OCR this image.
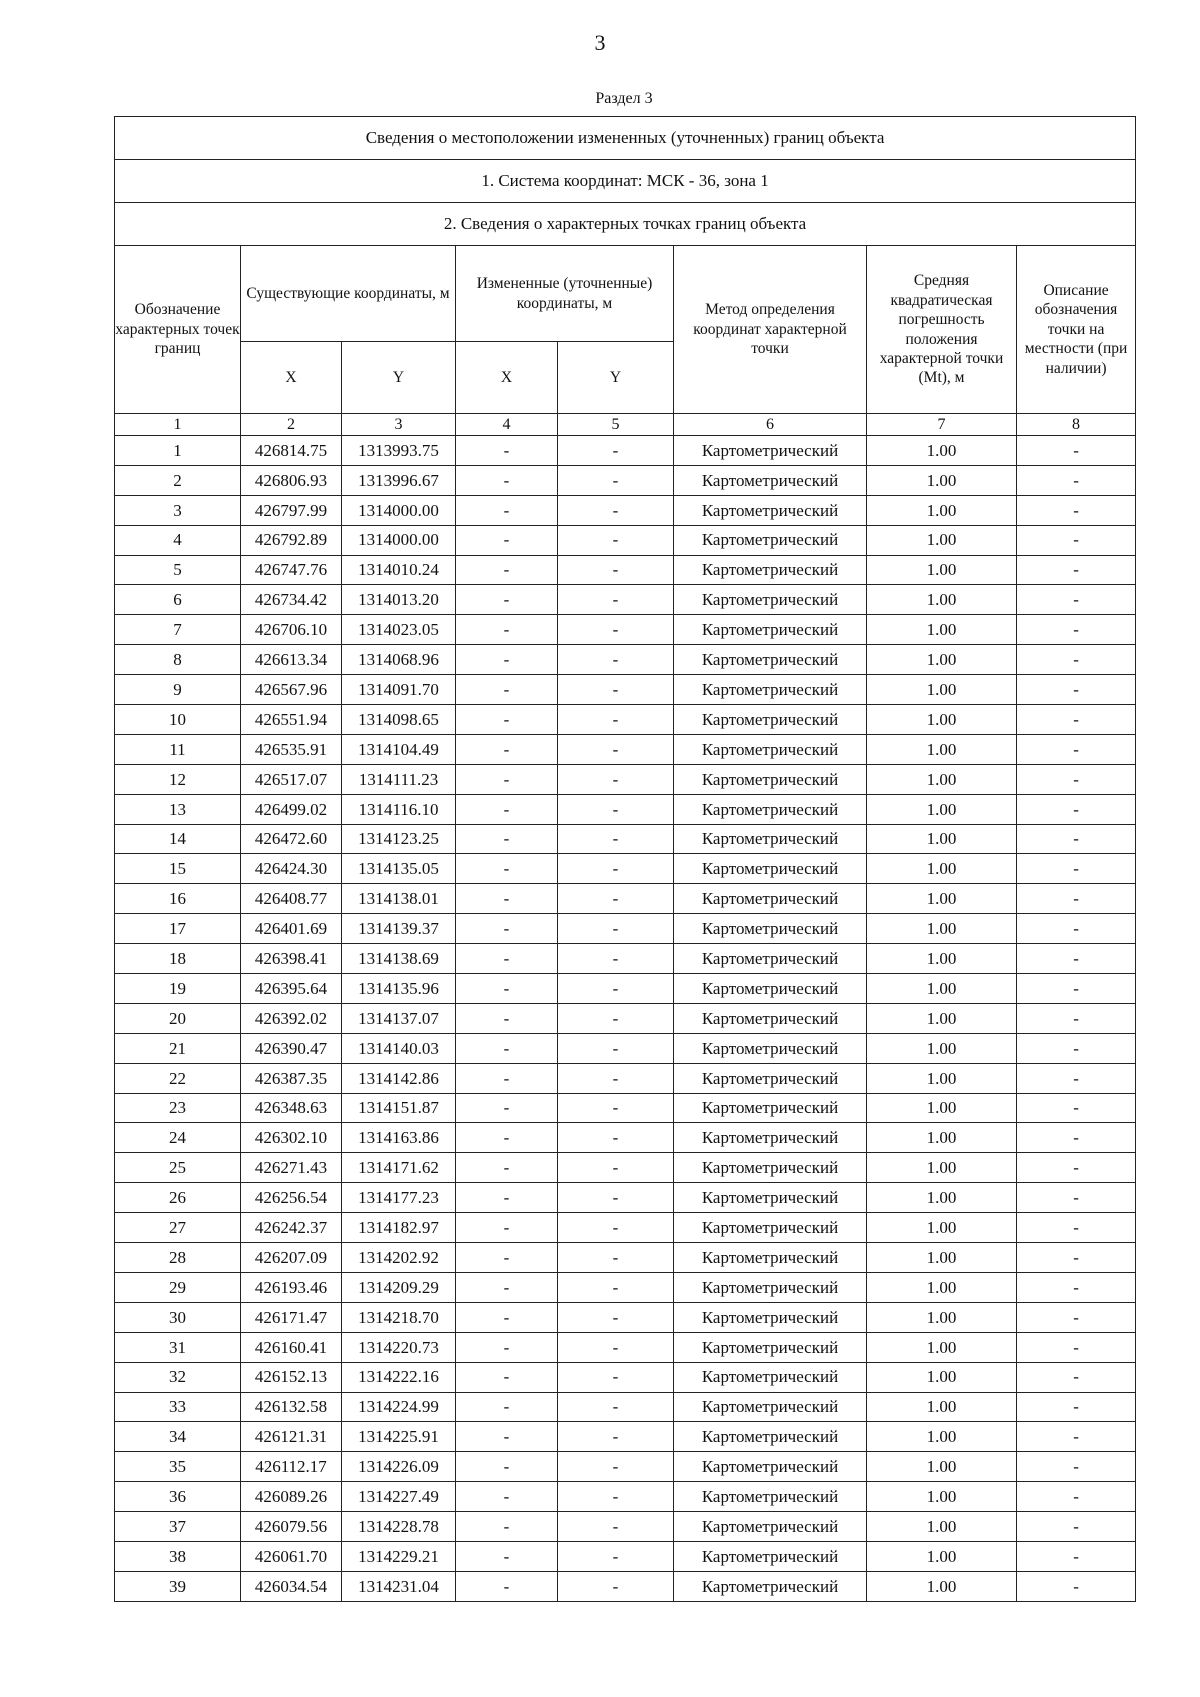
3
Раздел 3
Сведения о местоположении измененных (уточненных) границ объекта							
1. Система координат: МСК - 36, зона 1							
2. Сведения о характерных точках границ объекта							
Обозначение характерных точек границ	Существующие координаты, м		Измененные (уточненные) координаты, м		Метод определения координат характерной точки	Средняя квадратическая погрешность положения характерной точки (Mt), м	Описание обозначения точки на местности (при наличии)
	X	Y	X	Y			
1	2	3	4	5	6	7	8
1	426814.75	1313993.75	-	-	Картометрический	1.00	-
2	426806.93	1313996.67	-	-	Картометрический	1.00	-
3	426797.99	1314000.00	-	-	Картометрический	1.00	-
4	426792.89	1314000.00	-	-	Картометрический	1.00	-
5	426747.76	1314010.24	-	-	Картометрический	1.00	-
6	426734.42	1314013.20	-	-	Картометрический	1.00	-
7	426706.10	1314023.05	-	-	Картометрический	1.00	-
8	426613.34	1314068.96	-	-	Картометрический	1.00	-
9	426567.96	1314091.70	-	-	Картометрический	1.00	-
10	426551.94	1314098.65	-	-	Картометрический	1.00	-
11	426535.91	1314104.49	-	-	Картометрический	1.00	-
12	426517.07	1314111.23	-	-	Картометрический	1.00	-
13	426499.02	1314116.10	-	-	Картометрический	1.00	-
14	426472.60	1314123.25	-	-	Картометрический	1.00	-
15	426424.30	1314135.05	-	-	Картометрический	1.00	-
16	426408.77	1314138.01	-	-	Картометрический	1.00	-
17	426401.69	1314139.37	-	-	Картометрический	1.00	-
18	426398.41	1314138.69	-	-	Картометрический	1.00	-
19	426395.64	1314135.96	-	-	Картометрический	1.00	-
20	426392.02	1314137.07	-	-	Картометрический	1.00	-
21	426390.47	1314140.03	-	-	Картометрический	1.00	-
22	426387.35	1314142.86	-	-	Картометрический	1.00	-
23	426348.63	1314151.87	-	-	Картометрический	1.00	-
24	426302.10	1314163.86	-	-	Картометрический	1.00	-
25	426271.43	1314171.62	-	-	Картометрический	1.00	-
26	426256.54	1314177.23	-	-	Картометрический	1.00	-
27	426242.37	1314182.97	-	-	Картометрический	1.00	-
28	426207.09	1314202.92	-	-	Картометрический	1.00	-
29	426193.46	1314209.29	-	-	Картометрический	1.00	-
30	426171.47	1314218.70	-	-	Картометрический	1.00	-
31	426160.41	1314220.73	-	-	Картометрический	1.00	-
32	426152.13	1314222.16	-	-	Картометрический	1.00	-
33	426132.58	1314224.99	-	-	Картометрический	1.00	-
34	426121.31	1314225.91	-	-	Картометрический	1.00	-
35	426112.17	1314226.09	-	-	Картометрический	1.00	-
36	426089.26	1314227.49	-	-	Картометрический	1.00	-
37	426079.56	1314228.78	-	-	Картометрический	1.00	-
38	426061.70	1314229.21	-	-	Картометрический	1.00	-
39	426034.54	1314231.04	-	-	Картометрический	1.00	-
